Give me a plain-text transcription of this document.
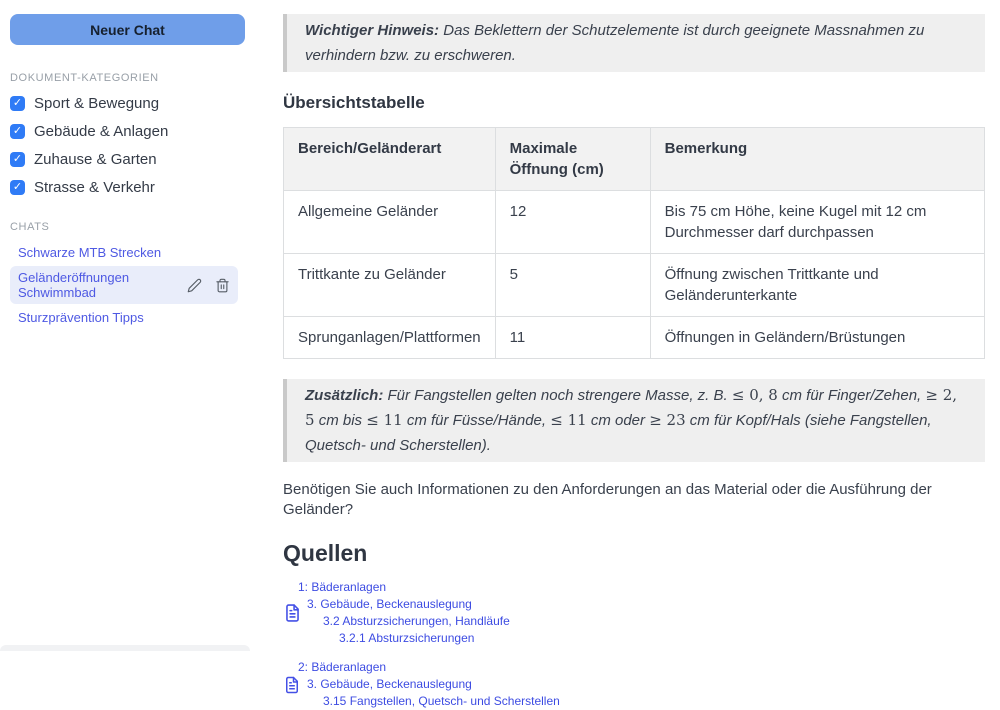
Neuer Chat
DOKUMENT-KATEGORIEN
✓ Sport & Bewegung
✓ Gebäude & Anlagen
✓ Zuhause & Garten
✓ Strasse & Verkehr
CHATS
Schwarze MTB Strecken
Geländeröffnungen Schwimmbad
Sturzprävention Tipps
Wichtiger Hinweis: Das Beklettern der Schutzelemente ist durch geeignete Massnahmen zu verhindern bzw. zu erschweren.
Übersichtstabelle
Bereich/Geländerart	Maximale Öffnung (cm)	Bemerkung
Allgemeine Geländer	12	Bis 75 cm Höhe, keine Kugel mit 12 cm Durchmesser darf durchpassen
Trittkante zu Geländer	5	Öffnung zwischen Trittkante und Geländerunterkante
Sprunganlagen/Plattformen	11	Öffnungen in Geländern/Brüstungen
Zusätzlich: Für Fangstellen gelten noch strengere Masse, z. B. ≤ 0, 8 cm für Finger/Zehen, ≥ 2, 5 cm bis ≤ 11 cm für Füsse/Hände, ≤ 11 cm oder ≥ 23 cm für Kopf/Hals (siehe Fangstellen, Quetsch- und Scherstellen).

Benötigen Sie auch Informationen zu den Anforderungen an das Material oder die Ausführung der Geländer?

Quellen
1: Bäderanlagen
3. Gebäude, Beckenauslegung
3.2 Absturzsicherungen, Handläufe
3.2.1 Absturzsicherungen
2: Bäderanlagen
3. Gebäude, Beckenauslegung
3.15 Fangstellen, Quetsch- und Scherstellen
